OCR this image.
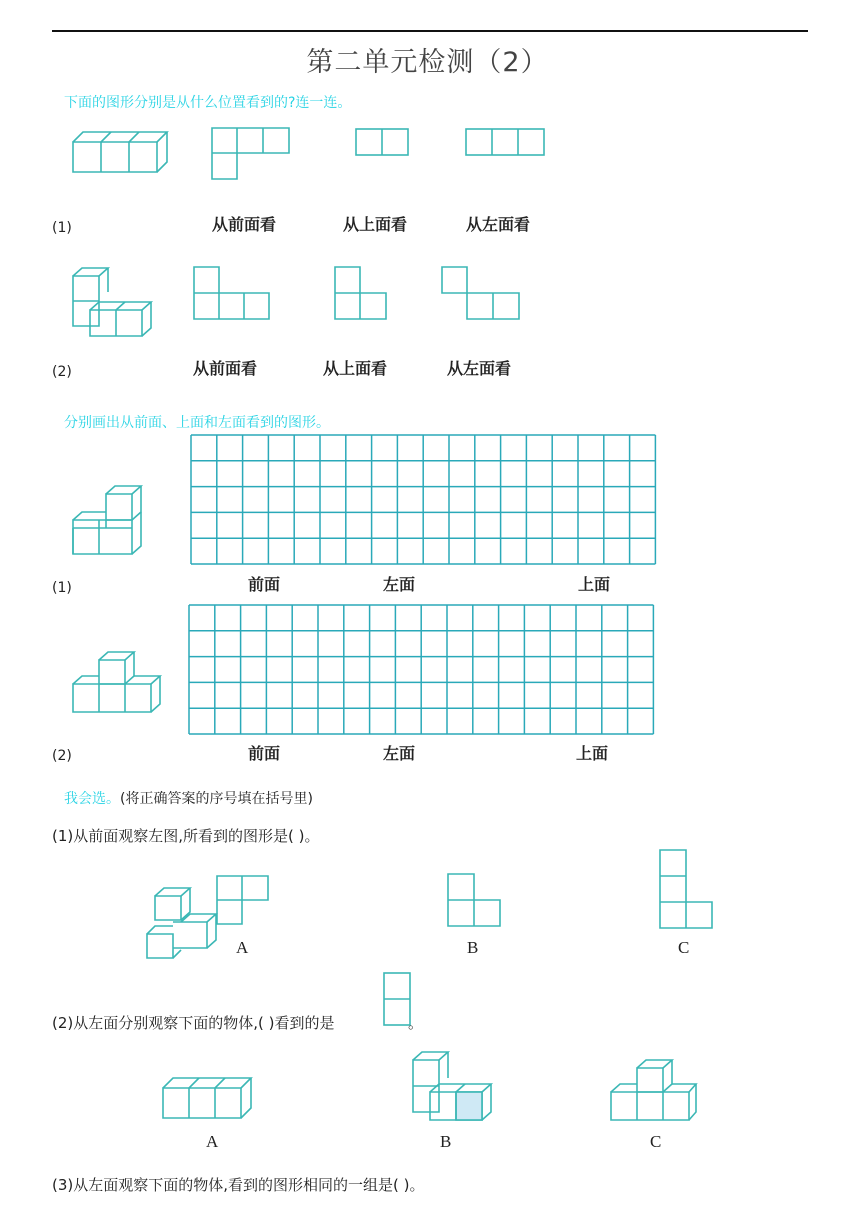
第二单元检测（2）
下面的图形分别是从什么位置看到的?连一连。
(1)	从前面看	从上面看	从左面看
(2)	从前面看	从上面看	从左面看
分别画出从前面、上面和左面看到的图形。
(1)	前面	左面	上面
(2)	前面	左面	上面
我会选。(将正确答案的序号填在括号里)
(1)从前面观察左图,所看到的图形是( )。
A	B	C
(2)从左面分别观察下面的物体,( )看到的是	。
A	B	C
(3)从左面观察下面的物体,看到的图形相同的一组是( )。
